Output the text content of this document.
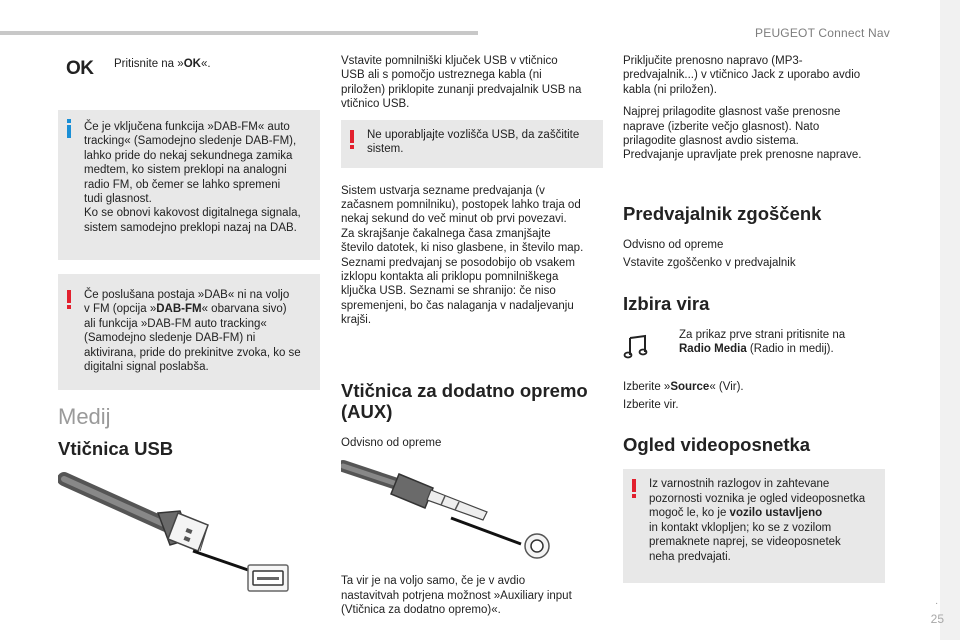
PEUGEOT Connect Nav
.
25
OK Pritisnite na »OK«.

Če je vključena funkcija »DAB-FM« auto

tracking« (Samodejno sledenje DAB-FM),

lahko pride do nekaj sekundnega zamika

medtem, ko sistem preklopi na analogni

radio FM, ob čemer se lahko spremeni

tudi glasnost.

Ko se obnovi kakovost digitalnega signala,

sistem samodejno preklopi nazaj na DAB.

Če poslušana postaja »DAB« ni na voljo

v FM (opcija »DAB-FM« obarvana sivo)

ali funkcija »DAB-FM auto tracking«

(Samodejno sledenje DAB-FM) ni

aktivirana, pride do prekinitve zvoka, ko se

digitalni signal poslabša.

Medij
Vtičnica USB

Vstavite pomnilniški ključek USB v vtičnico

USB ali s pomočjo ustreznega kabla (ni

priložen) priklopite zunanji predvajalnik USB na

vtičnico USB.

Ne uporabljajte vozlišča USB, da zaščitite

sistem.

Sistem ustvarja sezname predvajanja (v

začasnem pomnilniku), postopek lahko traja od

nekaj sekund do več minut ob prvi povezavi.

Za skrajšanje čakalnega časa zmanjšajte

število datotek, ki niso glasbene, in število map.

Seznami predvajanj se posodobijo ob vsakem

izklopu kontakta ali priklopu pomnilniškega

ključka USB. Seznami se shranijo: če niso

spremenjeni, bo čas nalaganja v nadaljevanju

krajši.

Vtičnica za dodatno opremo

(AUX)

Odvisno od opreme

Ta vir je na voljo samo, če je v avdio

nastavitvah potrjena možnost »Auxiliary input

(Vtičnica za dodatno opremo)«.

Priključite prenosno napravo (MP3-

predvajalnik...) v vtičnico Jack z uporabo avdio

kabla (ni priložen).

Najprej prilagodite glasnost vaše prenosne

naprave (izberite večjo glasnost). Nato

prilagodite glasnost avdio sistema.

Predvajanje upravljate prek prenosne naprave.

Predvajalnik zgoščenk

Odvisno od opreme

Vstavite zgoščenko v predvajalnik

Izbira vira

Za prikaz prve strani pritisnite na

Radio Media (Radio in medij).

Izberite »Source« (Vir).

Izberite vir.

Ogled videoposnetka

Iz varnostnih razlogov in zahtevane

pozornosti voznika je ogled videoposnetka

mogoč le, ko je vozilo ustavljeno

in kontakt vklopljen; ko se z vozilom

premaknete naprej, se videoposnetek

neha predvajati.
